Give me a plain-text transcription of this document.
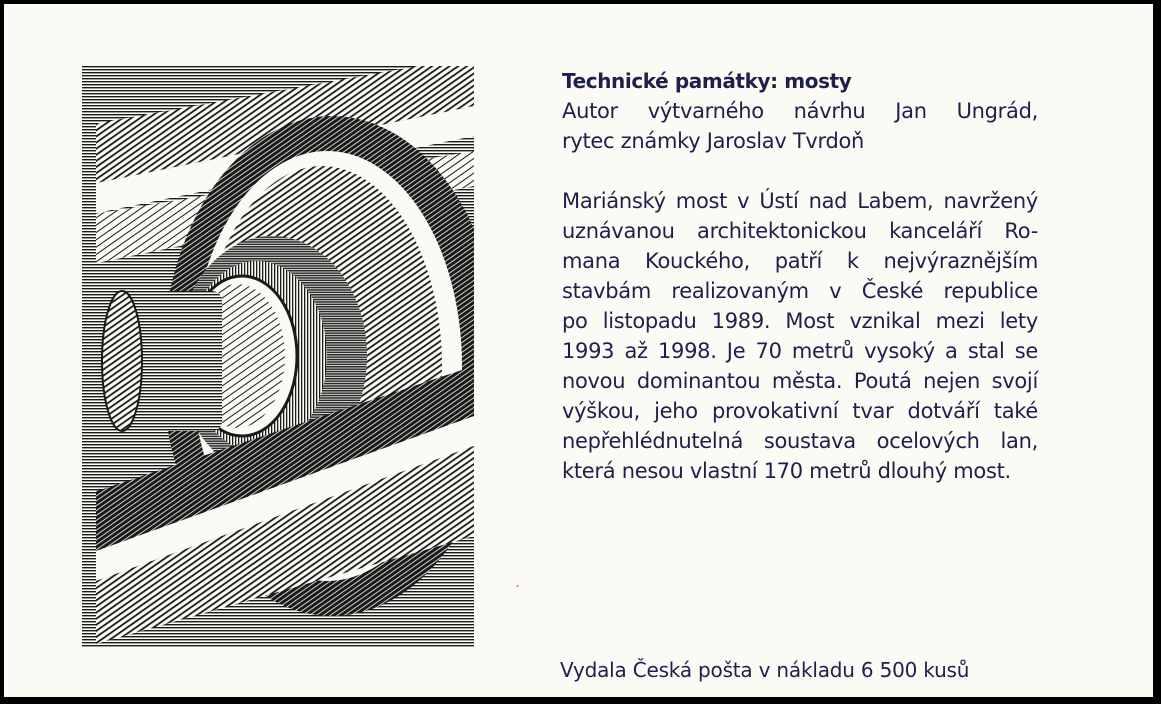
Technické památky: mosty
Autor výtvarného návrhu Jan Ungrád,
rytec známky Jaroslav Tvrdoň
Mariánský most v Ústí nad Labem, navržený
uznávanou architektonickou kanceláří Ro-
mana Kouckého, patří k nejvýraznějším
stavbám realizovaným v České republice
po listopadu 1989. Most vznikal mezi lety
1993 až 1998. Je 70 metrů vysoký a stal se
novou dominantou města. Poutá nejen svojí
výškou, jeho provokativní tvar dotváří také
nepřehlédnutelná soustava ocelových lan,
která nesou vlastní 170 metrů dlouhý most.
Vydala Česká pošta v nákladu 6 500 kusů
